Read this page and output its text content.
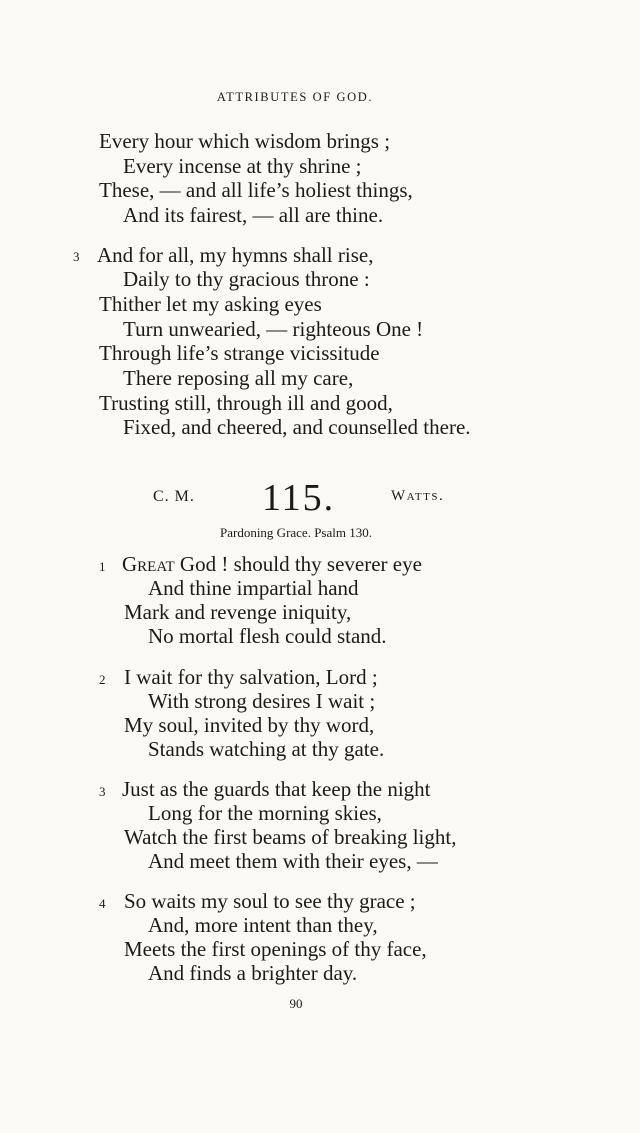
ATTRIBUTES OF GOD.
Every hour which wisdom brings ;
Every incense at thy shrine ;
These, — and all life’s holiest things,
And its fairest, — all are thine.
3 And for all, my hymns shall rise,
Daily to thy gracious throne :
Thither let my asking eyes
Turn unwearied, — righteous One !
Through life’s strange vicissitude
There reposing all my care,
Trusting still, through ill and good,
Fixed, and cheered, and counselled there.
C. M. 115.	Watts.
Pardoning Grace. Psalm 130.
1 Great God ! should thy severer eye
And thine impartial hand
Mark and revenge iniquity,
No mortal flesh could stand.
2 I wait for thy salvation, Lord ;
With strong desires I wait ;
My soul, invited by thy word,
Stands watching at thy gate.
3 Just as the guards that keep the night
Long for the morning skies,
Watch the first beams of breaking light,
And meet them with their eyes, —
4 So waits my soul to see thy grace ;
And, more intent than they,
Meets the first openings of thy face,
And finds a brighter day.
90
